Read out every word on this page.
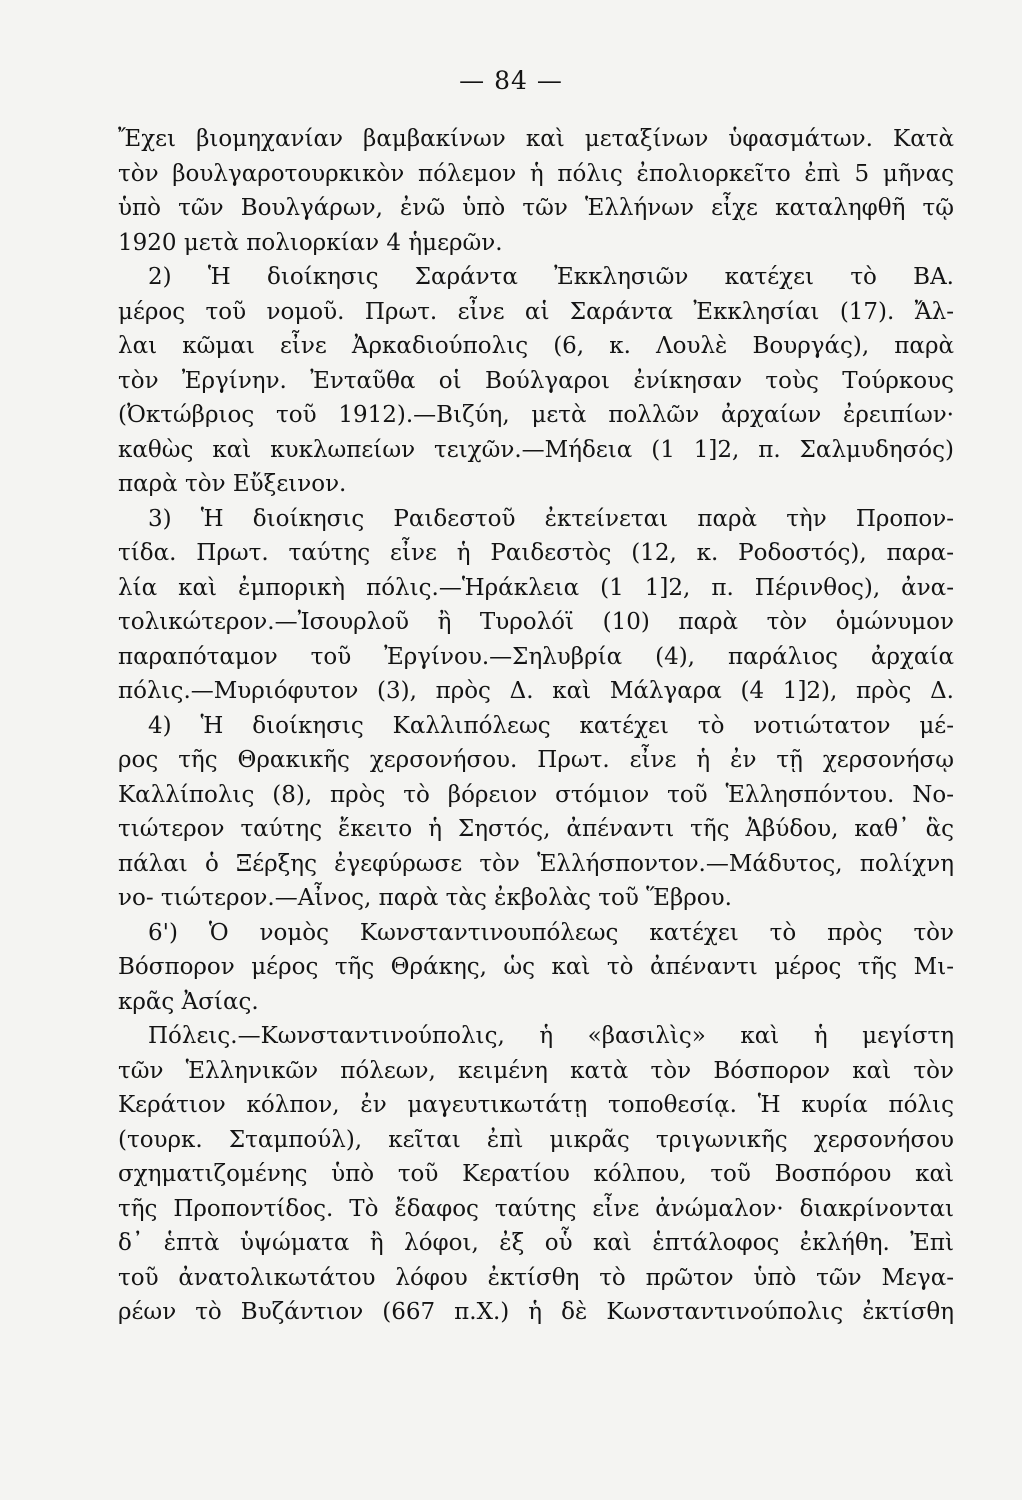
— 84 —
Ἔχει βιομηχανίαν βαμβακίνων καὶ μεταξίνων ὑφασμάτων. Κατὰ
τὸν βουλγαροτουρκικὸν πόλεμον ἡ πόλις ἐπολιορκεῖτο ἐπὶ 5 μῆνας
ὑπὸ τῶν Βουλγάρων, ἐνῶ ὑπὸ τῶν Ἑλλήνων εἶχε καταληφθῆ τῷ
1920 μετὰ πολιορκίαν 4 ἡμερῶν.
2) Ἡ διοίκησις Σαράντα Ἐκκλησιῶν κατέχει τὸ ΒΑ.
μέρος τοῦ νομοῦ. Πρωτ. εἶνε αἱ Σαράντα Ἐκκλησίαι (17). Ἄλ-
λαι κῶμαι εἶνε Ἀρκαδιούπολις (6, κ. Λουλὲ Βουργάς), παρὰ
τὸν Ἐργίνην. Ἐνταῦθα οἱ Βούλγαροι ἐνίκησαν τοὺς Τούρκους
(Ὀκτώβριος τοῦ 1912).—Βιζύη, μετὰ πολλῶν ἀρχαίων ἐρειπίων·
καθὼς καὶ κυκλωπείων τειχῶν.—Μήδεια (1 1]2, π. Σαλμυδησός)
παρὰ τὸν Εὔξεινον.
3) Ἡ διοίκησις Ραιδεστοῦ ἐκτείνεται παρὰ τὴν Προπον-
τίδα. Πρωτ. ταύτης εἶνε ἡ Ραιδεστὸς (12, κ. Ροδοστός), παρα-
λία καὶ ἐμπορικὴ πόλις.—Ἡράκλεια (1 1]2, π. Πέρινθος), ἀνα-
τολικώτερον.—Ἰσουρλοῦ ἢ Τυρολόϊ (10) παρὰ τὸν ὁμώνυμον
παραπόταμον τοῦ Ἐργίνου.—Σηλυβρία (4), παράλιος ἀρχαία
πόλις.—Μυριόφυτον (3), πρὸς Δ. καὶ Μάλγαρα (4 1]2), πρὸς Δ.
4) Ἡ διοίκησις Καλλιπόλεως κατέχει τὸ νοτιώτατον μέ-
ρος τῆς Θρακικῆς χερσονήσου. Πρωτ. εἶνε ἡ ἐν τῇ χερσονήσῳ
Καλλίπολις (8), πρὸς τὸ βόρειον στόμιον τοῦ Ἑλλησπόντου. Νο-
τιώτερον ταύτης ἔκειτο ἡ Σηστός, ἀπέναντι τῆς Ἀβύδου, καθ᾽ ἃς
πάλαι ὁ Ξέρξης ἐγεφύρωσε τὸν Ἑλλήσποντον.—Μάδυτος, πολίχνη
νο- τιώτερον.—Αἶνος, παρὰ τὰς ἐκβολὰς τοῦ Ἕβρου.
6') Ὁ νομὸς Κωνσταντινουπόλεως κατέχει τὸ πρὸς τὸν
Βόσπορον μέρος τῆς Θράκης, ὡς καὶ τὸ ἀπέναντι μέρος τῆς Μι-
κρᾶς Ἀσίας.
Πόλεις.—Κωνσταντινούπολις, ἡ «βασιλὶς» καὶ ἡ μεγίστη
τῶν Ἑλληνικῶν πόλεων, κειμένη κατὰ τὸν Βόσπορον καὶ τὸν
Κεράτιον κόλπον, ἐν μαγευτικωτάτῃ τοποθεσίᾳ. Ἡ κυρία πόλις
(τουρκ. Σταμπούλ), κεῖται ἐπὶ μικρᾶς τριγωνικῆς χερσονήσου
σχηματιζομένης ὑπὸ τοῦ Κερατίου κόλπου, τοῦ Βοσπόρου καὶ
τῆς Προποντίδος. Τὸ ἔδαφος ταύτης εἶνε ἀνώμαλον· διακρίνονται
δ᾽ ἑπτὰ ὑψώματα ἢ λόφοι, ἐξ οὗ καὶ ἑπτάλοφος ἐκλήθη. Ἐπὶ
τοῦ ἀνατολικωτάτου λόφου ἐκτίσθη τὸ πρῶτον ὑπὸ τῶν Μεγα-
ρέων τὸ Βυζάντιον (667 π.Χ.) ἡ δὲ Κωνσταντινούπολις ἐκτίσθη
